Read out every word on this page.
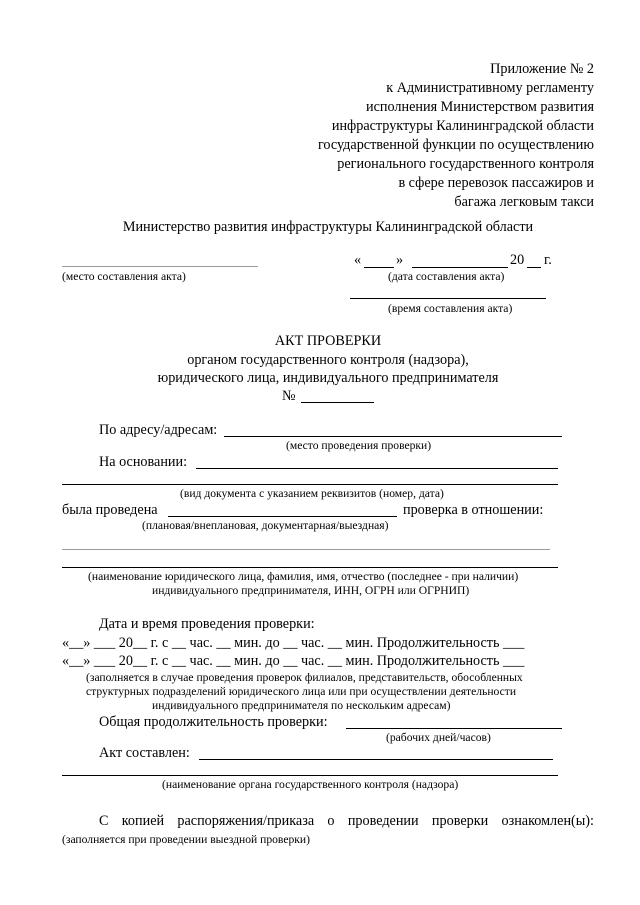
Приложение № 2
к Административному регламенту
исполнения Министерством развития
инфраструктуры Калининградской области
государственной функции по осуществлению
регионального государственного контроля
в сфере перевозок пассажиров и
багажа легковым такси
Министерство развития инфраструктуры Калининградской области
(место составления акта)
« »	20 г.
(дата составления акта)
(время составления акта)
АКТ ПРОВЕРКИ
органом государственного контроля (надзора),
юридического лица, индивидуального предпринимателя
№
По адресу/адресам:
(место проведения проверки)
На основании:
(вид документа с указанием реквизитов (номер, дата)
была проведена	проверка в отношении:
(плановая/внеплановая, документарная/выездная)
(наименование юридического лица, фамилия, имя, отчество (последнее - при наличии)
индивидуального предпринимателя, ИНН, ОГРН или ОГРНИП)
Дата и время проведения проверки:
«__» ___ 20__ г. с __ час. __ мин. до __ час. __ мин. Продолжительность ___
«__» ___ 20__ г. с __ час. __ мин. до __ час. __ мин. Продолжительность ___
(заполняется в случае проведения проверок филиалов, представительств, обособленных
структурных подразделений юридического лица или при осуществлении деятельности
индивидуального предпринимателя по нескольким адресам)
Общая продолжительность проверки:
(рабочих дней/часов)
Акт составлен:
(наименование органа государственного контроля (надзора)
С копией распоряжения/приказа о проведении проверки ознакомлен(ы):
(заполняется при проведении выездной проверки)
